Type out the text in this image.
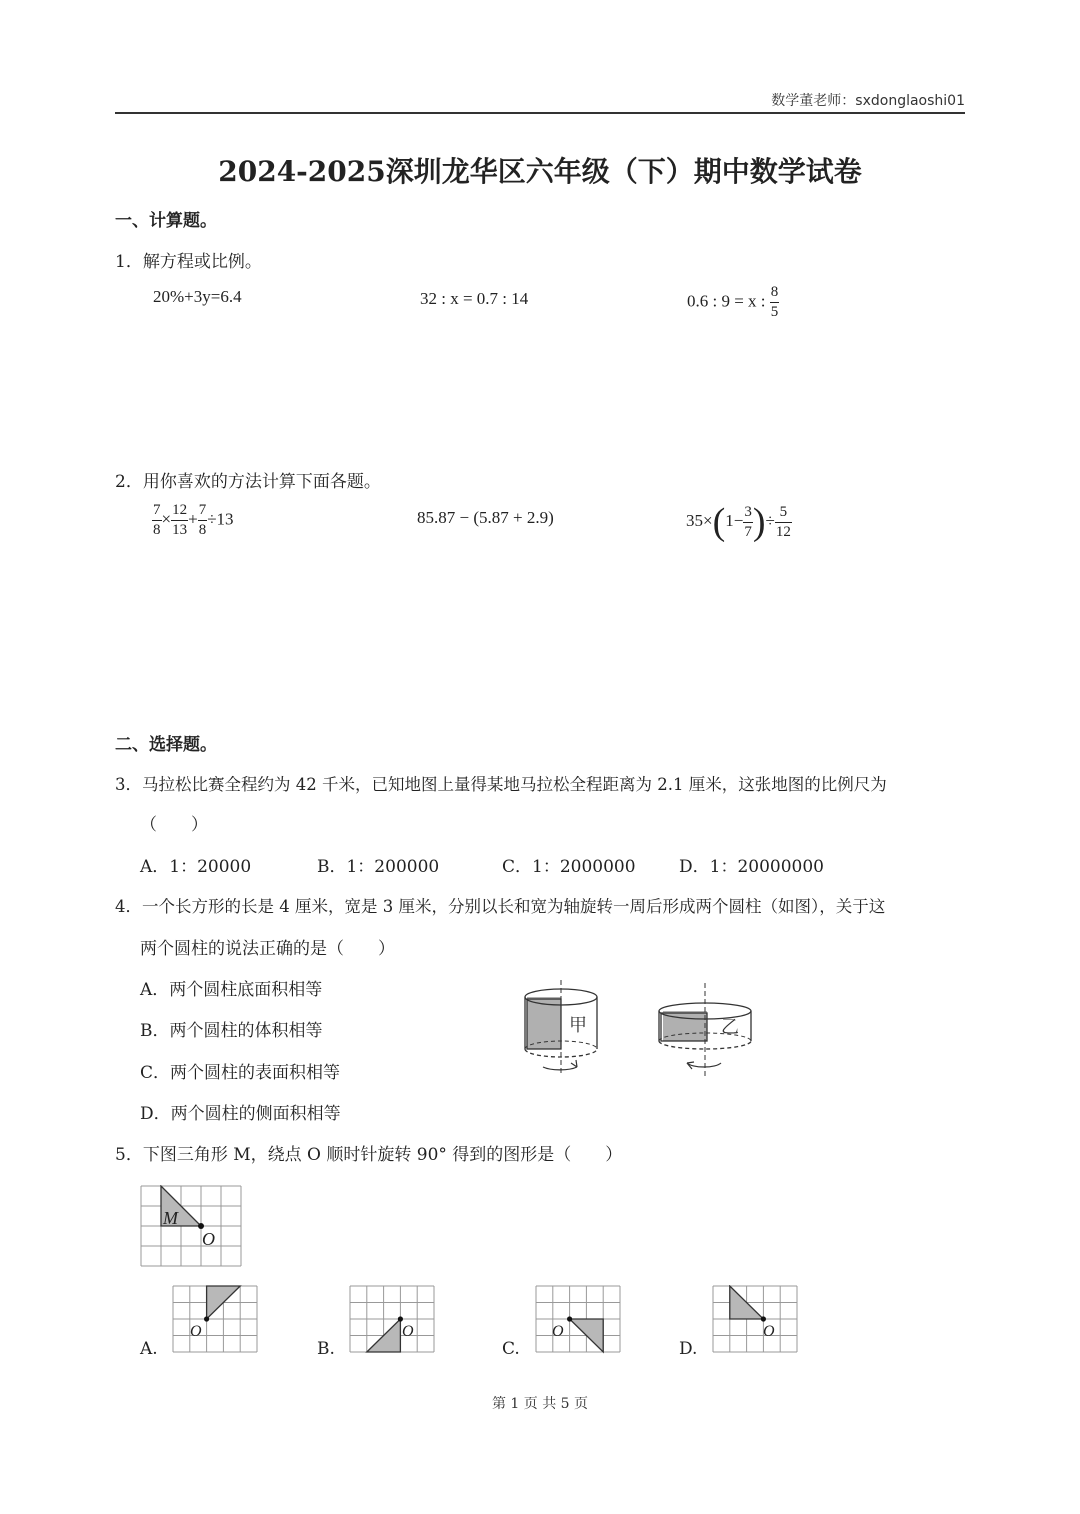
数学董老师：sxdonglaoshi01
2024-2025深圳龙华区六年级（下）期中数学试卷
一、计算题。
1．解方程或比例。
20%+3y=6.4	32 : x = 0.7 : 14	0.6 : 9 = x : $\frac{8}{5}$
2．用你喜欢的方法计算下面各题。
$\frac{7}{8} \times \frac{12}{13} + \frac{7}{8} \div 13$	85.87 − (5.87 + 2.9)	$35\times(1- \frac{3}{7}$ )÷ $\frac{5}{12}$
二、选择题。
3．马拉松比赛全程约为 42 千米，已知地图上量得某地马拉松全程距离为 2.1 厘米，这张地图的比例尺为
（　　）
A．1：20000	B．1：200000	C．1：2000000	D．1：20000000
4．一个长方形的长是 4 厘米，宽是 3 厘米，分别以长和宽为轴旋转一周后形成两个圆柱（如图），关于这
两个圆柱的说法正确的是（　　）
A．两个圆柱底面积相等
B．两个圆柱的体积相等
C．两个圆柱的表面积相等
D．两个圆柱的侧面积相等
甲	乙
5．下图三角形 M，绕点 O 顺时针旋转 90° 得到的图形是（　　）
M
O
A.	B.	C.	D.
O	O	O	O
第 1 页 共 5 页
